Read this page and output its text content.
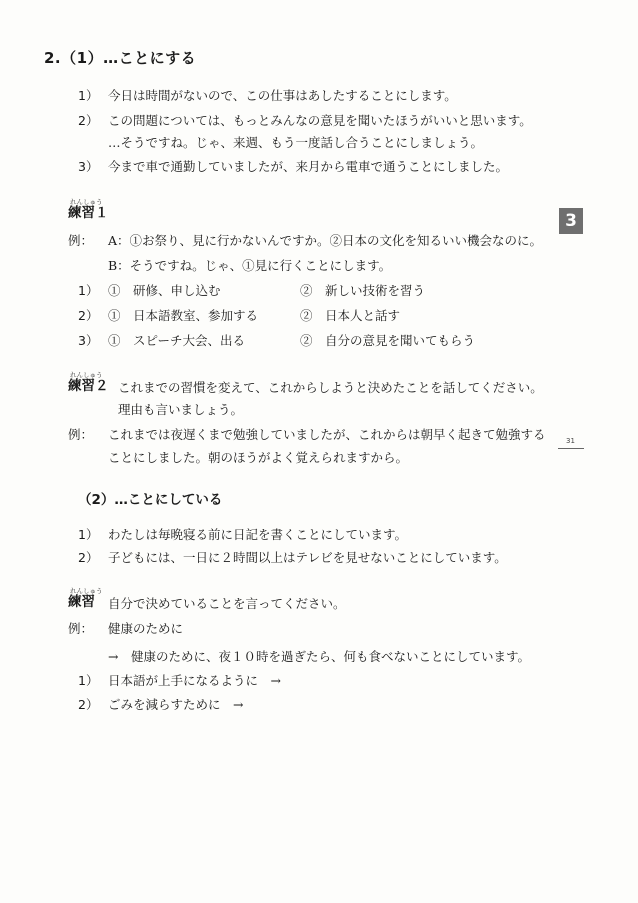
2.（1）…ことにする
1） 今日は時間がないので、この仕事はあしたすることにします。
2） この問題については、もっとみんなの意見を聞いたほうがいいと思います。
…そうですね。じゃ、来週、もう一度話し合うことにしましょう。
3） 今まで車で通勤していましたが、来月から電車で通うことにしました。
3
31
れんしゅう
練習１
例： A：①お祭り、見に行かないんですか。②日本の文化を知るいい機会なのに。
B：そうですね。じゃ、①見に行くことにします。
1） ①　研修、申し込む	②　新しい技術を習う
2） ①　日本語教室、参加する	②　日本人と話す
3） ①　スピーチ大会、出る	②　自分の意見を聞いてもらう
れんしゅう
練習２ これまでの習慣を変えて、これからしようと決めたことを話してください。
理由も言いましょう。
例： これまでは夜遅くまで勉強していましたが、これからは朝早く起きて勉強する
ことにしました。朝のほうがよく覚えられますから。
（2）…ことにしている
1） わたしは毎晩寝る前に日記を書くことにしています。
2） 子どもには、一日に２時間以上はテレビを見せないことにしています。
れんしゅう
練習 自分で決めていることを言ってください。
例： 健康のために
→　健康のために、夜１０時を過ぎたら、何も食べないことにしています。
1） 日本語が上手になるように　→
2） ごみを減らすために　→
